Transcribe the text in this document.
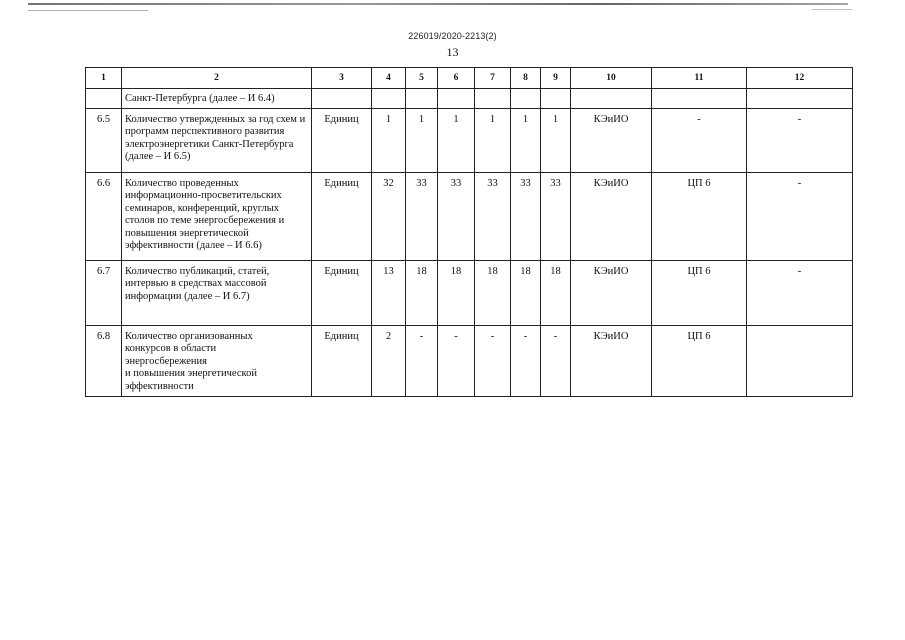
226019/2020-2213(2)
13
1	2	3	4	5	6	7	8	9	10	11	12
	Санкт-Петербурга (далее – И 6.4)										
6.5	Количество утвержденных за год схем и программ перспективного развития электроэнергетики Санкт-Петербурга (далее – И 6.5)	Единиц	1	1	1	1	1	1	КЭиИО	-	-
6.6	Количество проведенных информационно-просветительских семинаров, конференций, круглых столов по теме энергосбережения и повышения энергетической эффективности (далее – И 6.6)	Единиц	32	33	33	33	33	33	КЭиИО	ЦП 6	-
6.7	Количество публикаций, статей, интервью в средствах массовой информации (далее – И 6.7)	Единиц	13	18	18	18	18	18	КЭиИО	ЦП 6	-
6.8	Количество организованных
конкурсов в области
энергосбережения
и повышения энергетической
эффективности	Единиц	2	-	-	-	-	-	КЭиИО	ЦП 6	
